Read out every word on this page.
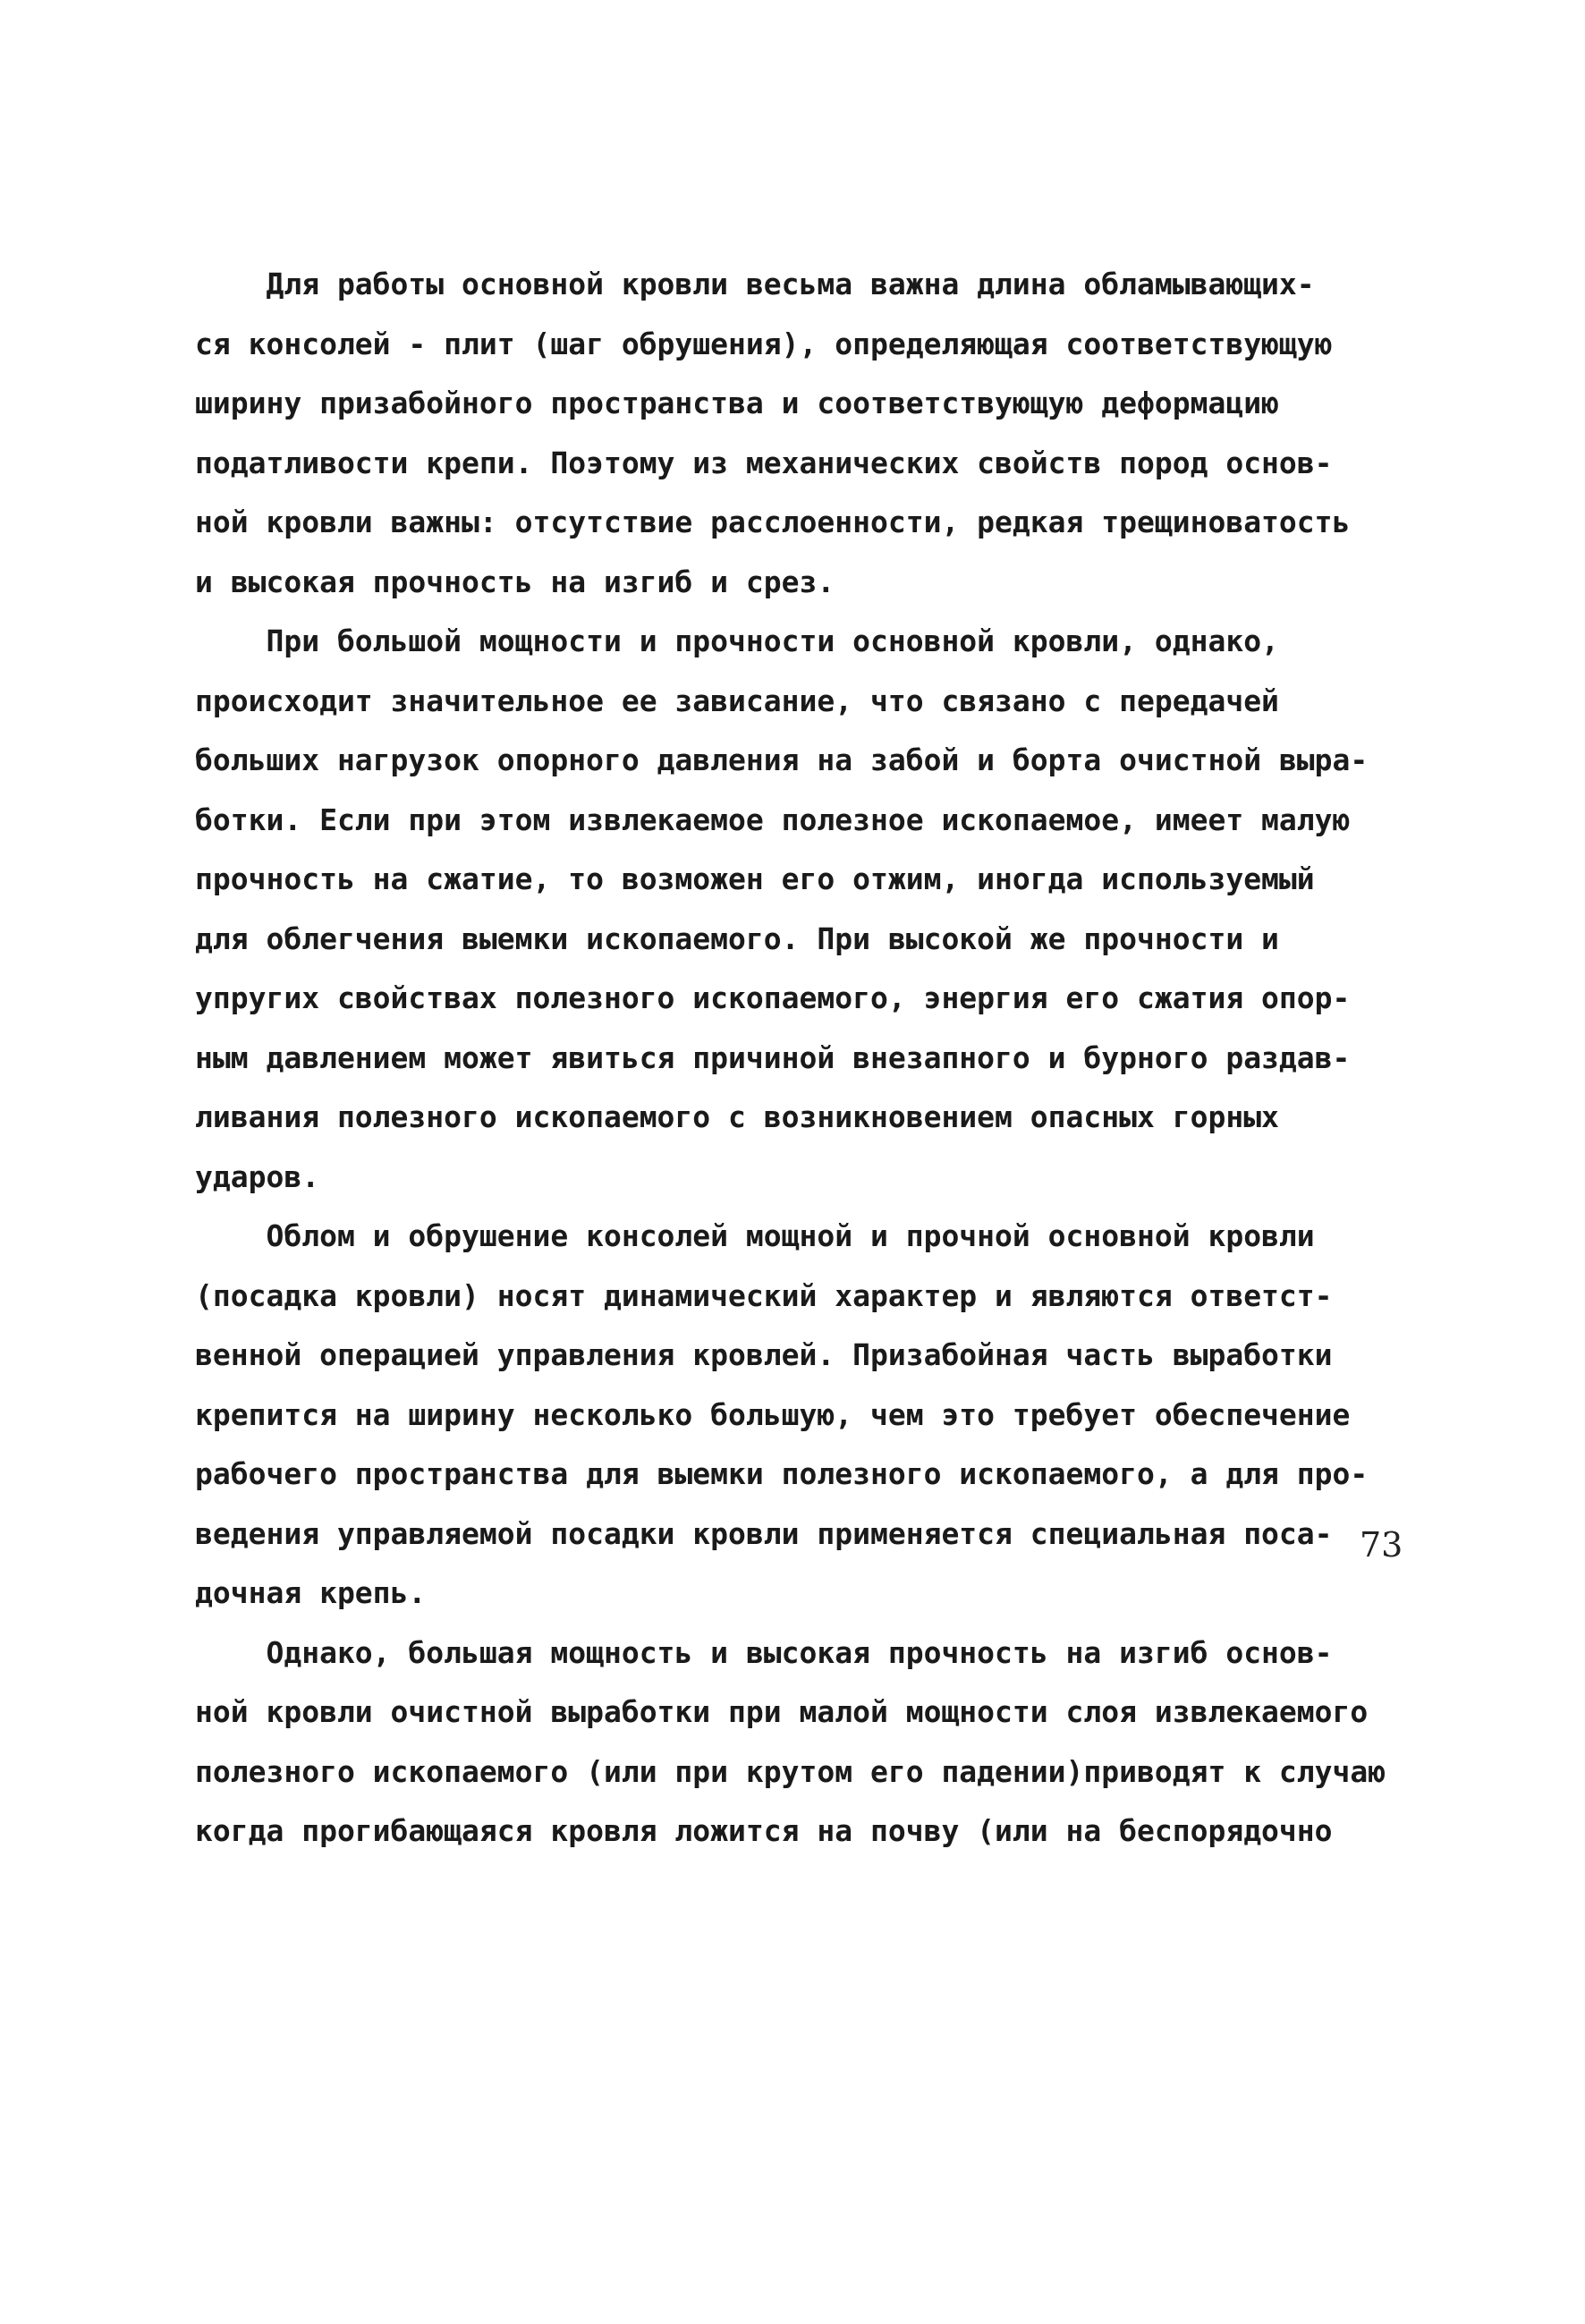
Для работы основной кровли весьма важна длина обламывающих-
ся консолей - плит (шаг обрушения), определяющая соответствующую
ширину призабойного пространства и соответствующую деформацию
податливости крепи. Поэтому из механических свойств пород основ-
ной кровли важны: отсутствие расслоенности, редкая трещиноватость
и высокая прочность на изгиб и срез.
При большой мощности и прочности основной кровли, однако,
происходит значительное ее зависание, что связано с передачей
больших нагрузок опорного давления на забой и борта очистной выра-
ботки. Если при этом извлекаемое полезное ископаемое, имеет малую
прочность на сжатие, то возможен его отжим, иногда используемый
для облегчения выемки ископаемого. При высокой же прочности и
упругих свойствах полезного ископаемого, энергия его сжатия опор-
ным давлением может явиться причиной внезапного и бурного раздав-
ливания полезного ископаемого с возникновением опасных горных
ударов.
Облом и обрушение консолей мощной и прочной основной кровли
(посадка кровли) носят динамический характер и являются ответст-
венной операцией управления кровлей. Призабойная часть выработки
крепится на ширину несколько большую, чем это требует обеспечение
рабочего пространства для выемки полезного ископаемого, а для про-
ведения управляемой посадки кровли применяется специальная поса-
дочная крепь.
Однако, большая мощность и высокая прочность на изгиб основ-
ной кровли очистной выработки при малой мощности слоя извлекаемого
полезного ископаемого (или при крутом его падении)приводят к случаю
когда прогибающаяся кровля ложится на почву (или на беспорядочно
73
